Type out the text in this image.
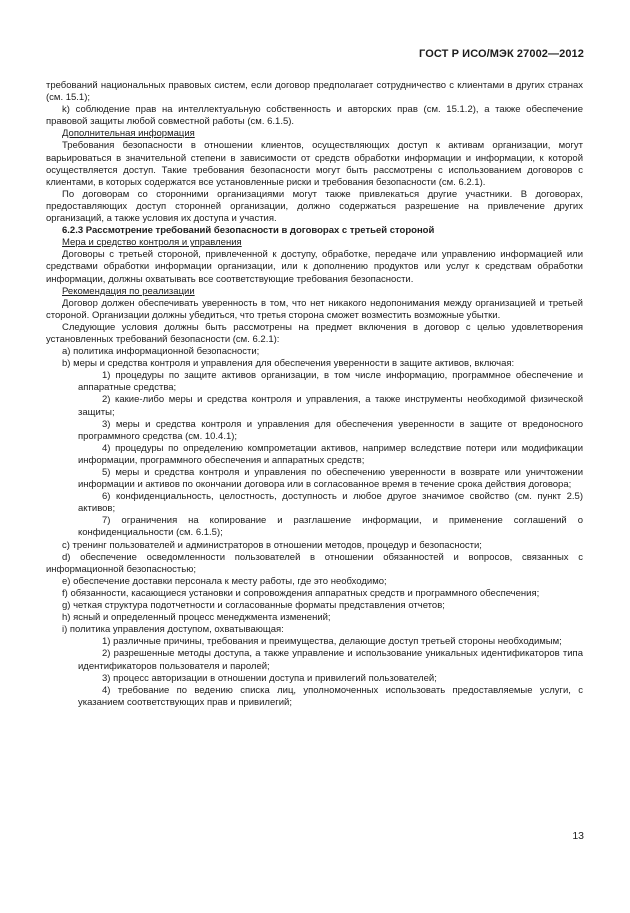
ГОСТ Р ИСО/МЭК 27002—2012

требований национальных правовых систем, если договор предполагает сотрудничество с клиентами в других странах (см. 15.1);

k) соблюдение прав на интеллектуальную собственность и авторских прав (см. 15.1.2), а также обеспечение правовой защиты любой совместной работы (см. 6.1.5).

Дополнительная информация

Требования безопасности в отношении клиентов, осуществляющих доступ к активам организации, могут варьироваться в значительной степени в зависимости от средств обработки информации и информации, к которой осуществляется доступ. Такие требования безопасности могут быть рассмотрены с использованием договоров с клиентами, в которых содержатся все установленные риски и требования безопасности (см. 6.2.1).

По договорам со сторонними организациями могут также привлекаться другие участники. В договорах, предоставляющих доступ сторонней организации, должно содержаться разрешение на привлечение других организаций, а также условия их доступа и участия.

6.2.3 Рассмотрение требований безопасности в договорах с третьей стороной

Мера и средство контроля и управления

Договоры с третьей стороной, привлеченной к доступу, обработке, передаче или управлению информацией или средствами обработки информации организации, или к дополнению продуктов или услуг к средствам обработки информации, должны охватывать все соответствующие требования безопасности.

Рекомендация по реализации

Договор должен обеспечивать уверенность в том, что нет никакого недопонимания между организацией и третьей стороной. Организации должны убедиться, что третья сторона сможет возместить возможные убытки.

Следующие условия должны быть рассмотрены на предмет включения в договор с целью удовлетворения установленных требований безопасности (см. 6.2.1):

a) политика информационной безопасности;

b) меры и средства контроля и управления для обеспечения уверенности в защите активов, включая:

1) процедуры по защите активов организации, в том числе информацию, программное обеспечение и аппаратные средства;

2) какие-либо меры и средства контроля и управления, а также инструменты необходимой физической защиты;

3) меры и средства контроля и управления для обеспечения уверенности в защите от вредоносного программного средства (см. 10.4.1);

4) процедуры по определению компрометации активов, например вследствие потери или модификации информации, программного обеспечения и аппаратных средств;

5) меры и средства контроля и управления по обеспечению уверенности в возврате или уничтожении информации и активов по окончании договора или в согласованное время в течение срока действия договора;

6) конфиденциальность, целостность, доступность и любое другое значимое свойство (см. пункт 2.5) активов;

7) ограничения на копирование и разглашение информации, и применение соглашений о конфиденциальности (см. 6.1.5);

c) тренинг пользователей и администраторов в отношении методов, процедур и безопасности;

d) обеспечение осведомленности пользователей в отношении обязанностей и вопросов, связанных с информационной безопасностью;

e) обеспечение доставки персонала к месту работы, где это необходимо;

f) обязанности, касающиеся установки и сопровождения аппаратных средств и программного обеспечения;

g) четкая структура подотчетности и согласованные форматы представления отчетов;

h) ясный и определенный процесс менеджмента изменений;

i) политика управления доступом, охватывающая:

1) различные причины, требования и преимущества, делающие доступ третьей стороны необходимым;

2) разрешенные методы доступа, а также управление и использование уникальных идентификаторов типа идентификаторов пользователя и паролей;

3) процесс авторизации в отношении доступа и привилегий пользователей;

4) требование по ведению списка лиц, уполномоченных использовать предоставляемые услуги, с указанием соответствующих прав и привилегий;

13
